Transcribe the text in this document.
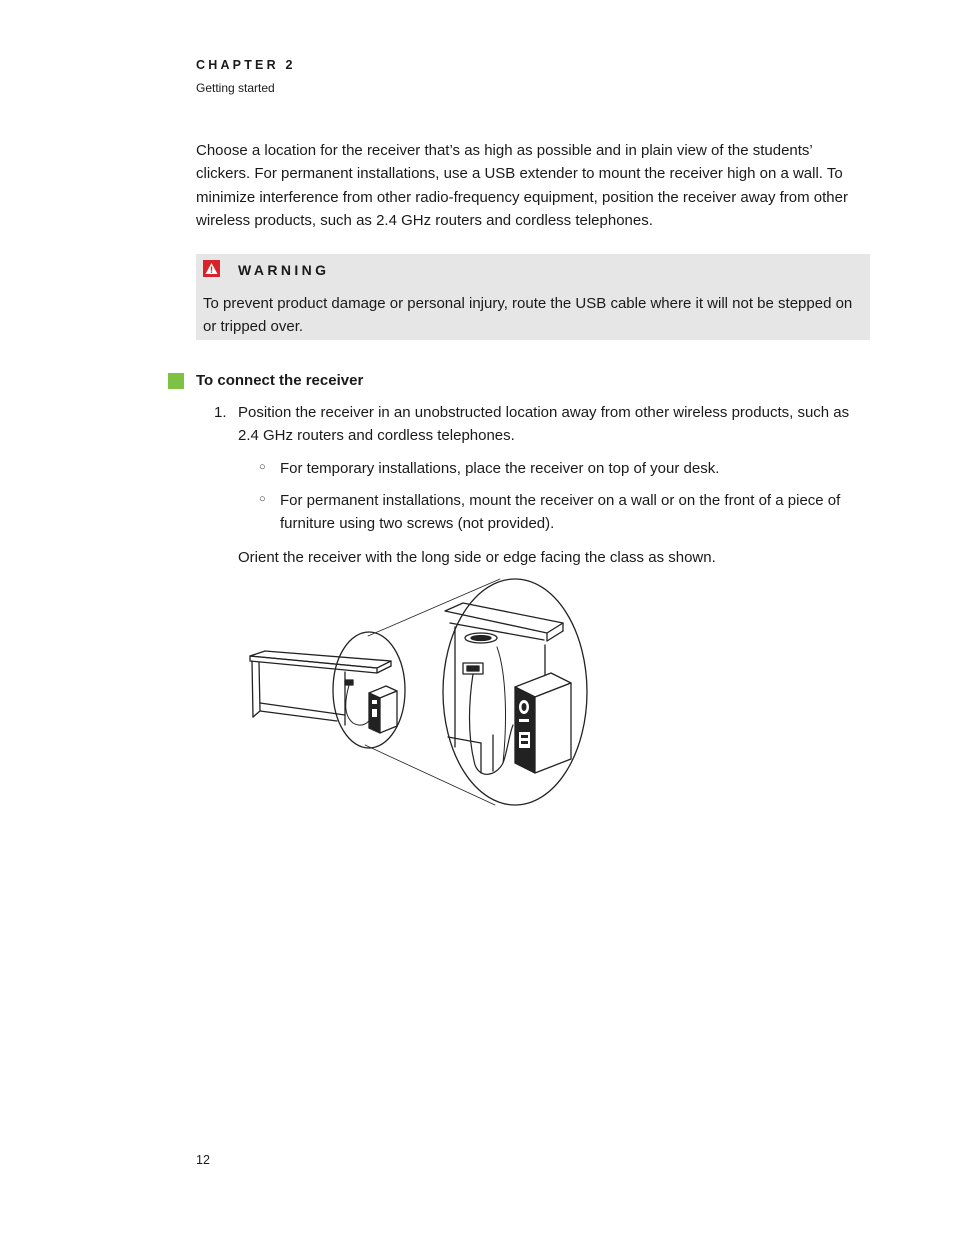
CHAPTER 2
Getting started

Choose a location for the receiver that’s as high as possible and in plain view of the students’ clickers. For permanent installations, use a USB extender to mount the receiver high on a wall. To minimize interference from other radio-frequency equipment, position the receiver away from other wireless products, such as 2.4 GHz routers and cordless telephones.

WARNING

To prevent product damage or personal injury, route the USB cable where it will not be stepped on or tripped over.

To connect the receiver
1. Position the receiver in an unobstructed location away from other wireless products, such as 2.4 GHz routers and cordless telephones.

○ For temporary installations, place the receiver on top of your desk.

○ For permanent installations, mount the receiver on a wall or on the front of a piece of furniture using two screws (not provided).

Orient the receiver with the long side or edge facing the class as shown.

12
